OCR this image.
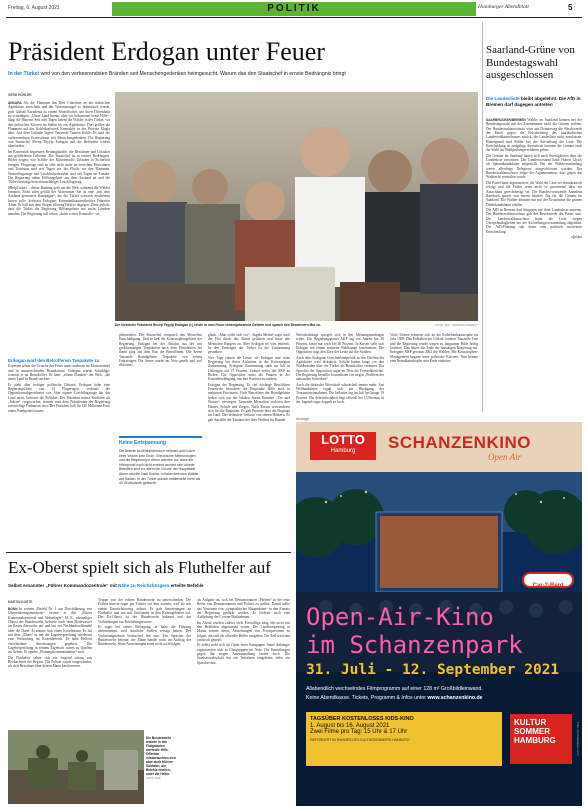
Freitag, 6. August 2021	POLITIK	Hamburger Abendblatt	5
Präsident Erdogan unter Feuer
In der Türkei wird von den verheerendsten Bränden seit Menschengedenken heimgesucht. Warum das den Staatschef in ernste Bedrängnis bringt
GERD HÖHLER
Der türkische Präsident Recep Tayyip Erdogan (r.) reiste in vom Feuer niedergebrannte Gebiete und sprach den Bewohnern Mut zu.	FOTO: AFP / ANADOLU AGENCY

ANKARA Als die Flammen das Dorf Cökertme an der türkischen Ägäisküste erreichten und der Wassermangel so dramatisch wurde, griff Gülsah Karadeniz zu einem Feuerlöscher, um ihren Olivenhain zu verteidigen. „Unser Land brennt, aber wir bekommen keine Hilfe“, klagt die Bäuerin. Seit acht Tagen lodern die Wälder in der Türkei, vor den türkischen Kriesen im Süden bis zur Ägäisküste. Dort griffen die Flammen auf das Kohlekraftwerk Kemerköy in der Provinz Mugla über. Auf dem Gelände lagern Tausende Tonnen Kohle. Es sind die verheerendsten Feuerstürme seit Menschengedenken. Die Regierung von Staatschef Recep Tayyip Erdogan und die Behörden wirken überfordert.

Im Krisenstab begrenzen Rettungskräfte, die Bewohner und Urlauber aus gefährdeten Gebieten. Der Staatschef ist in ernster Bedrängnis. Bilder zeigen, wie Schiffe der Küstenwache Urlauber in Sicherheit bringen. Flugzeuge sind zu sehr nicht mehr zu erreichen. Einwohner und Touristen sind seit Tagen vor der Flucht vor den Flammen. Wasserflugzeuge und Löschhubschrauber sind seit Tagen im Einsatz. Die Regierung nahm Hilfsangebote aus dem Ausland an und die Türkei bestätigt kein einsatzfähiges Löschflugzeug.

#HelpTurkey – dieser Hashtag geht um die Welt, während die Wälder brennen. Nicht allen gefällt der Aktivismus. Sie ist eine „mit dem Ausland gesteuerte Kampagne“, die die Türkei schwach erscheinen lassen solle, kritisiert Erdogans Kommunikationsdirektor Fahrettin Altun. Er hält mit dem Slogan #StrongTürkiye dagegen. Dann jedoch, dass die Türkei die Regierung Hilfsangebote aus sechs Ländern annahm. Die Regierung soll schon „durch weiter Kontrolle“ sei.

Erdogan warf den Betroffenen Teepakete zu

Experten sehen die Ursache der Feuer unter anderem im Klimawandel und in unzureichenden Brandschutz. Erdogan wurde Schuldige: wonach er an Brandstifter. Er habe „offene Flanken“ der Welt, „die unser Land in Brand stecken“.

Er zieht aber heftiger politische Debatte. Erdogan habe eine Regierungsflotte von 13 Flugzeugen, verkauft die Oppositionsabgeordneter vor. Aber eigene Löschflugzeuge hat das Land nicht, kritisiert die Politiker. Der Präsident müsse Kritikern als „Sultan“ vorgeworfen, startete statt dem Präsidenten der Regierung zweistellige Parlament reist. Der Präsident ließ für 110 Millionen Euro einen Prunkpalast bauen.

phemeralen. Der Staatschef versprach den Menschen Entschädigung. Und er ließ die Katastrophengebiete der Regierung. Erdogan bei der Abfahrt aus der mit großformatigen Teepaketen nach dem Präsidenten bei ihnen ging aus dem Bus die Betroffenen. Die Szene Tausende Brandgebiete Teepakete von seinen Fahrzeugen. Die Szene wurde im Netz geteilt und viel diskutiert.

Keine Entspannung
Die Brände im Mittelmeerraum nehmen auch nach einer Woche kein Ende. Griechische Meteorologen und die Regierung in Athen warnten vor, dass der Höhepunkt noch nicht erreicht worden sein könnte. Betroffen sind vor allem die Vororte der Hauptstadt Athen und die Insel Euböa. In Italien brennen Wälder auf Sizilien. In der Türkei wurden mittlerweile mehr als 40 Großbrände gelöscht.

glaub. „Man sollte sich vor“, Angela Merkel sagte nach der Flut durch das Ahrtal gefahren und hörte den Menschen Bürgern zu. Aber Erdogan sei weit entfernt. In den Umfragen der Türkei ist die Zustimmung gesunken.

Vier Tage ruhten die Leute, sie Erdogan und seine Regierung bei ihren Auftritten in der Krisenregion Zustimmung. Erdogans Zustimmung sank im Juli in Umfragen auf 37 Prozent. Zuletzt verlor die AKP an Boden. Die Opposition nutzt die Pannen in der Krisenbewältigung, um ihre Position zu stärken.

Erdogan der Regierung. Er rief wichtige Beschlüsse Feuerwehr besuchen, die Regionale Hilfe auch in mehreren Provinzen. Viele Betroffene der Brandgebiete ließen sich aus der lokalen Staats Einsätze „Tee und Wasser“ versorgen. Tausende Menschen verloren ihre Häuser, Schafe und Ziegen. Nach Krisen verwendeten sich für die Regionen. Es gab Proteste über die Fluglage im Land. Das bedeutete Verluste von seinen Häusern. Es gab Ausfälle der Einsätze bei über Wahlen für Brände.

Wirtschaftslage spiegelt sich in den Meinungsumfragen wider. Die Regierungspartei AKP lag vor Jahren bei 46 Prozent, heute nur noch bei 30 Prozent. In Krisen sieht sich Erdogan mit einem weiteren Wahlkampf konfrontiert. Die Opposition trägt den Zorn der Leute auf die Straßen.

Auch über Erdogans Griechenlandpolitik in den Dörfern der Ägäisküste wird diskutiert. Schiffe hatten lange vor den Waldbränden über die Türkei als Brandstifter vermutet. Ein Sprecher der Opposition sagte im Netz die Fernsehberichte. Die Regierung bestellte Journalisten ein wegen „Problem der nationalen Sicherheit“.

Auch die türkische Wirtschaft schwächelt immer mehr. Aus Weltbankdaten ergab sich ein Rückgang der Tourismuseinnahmen. Die Inflation lag im Juli bei knapp 19 Prozent. Die Arbeitslosigkeit liegt offiziell bei 13 Prozent, in der Jugend sogar doppelt so hoch.

Viele Türken erinnern sich an die Erdbebenkatastrophe im Jahr 1999. Das Erdbeben bei Gölcük forderte Tausende Tote und die Regierung wurde wegen zu langsamer Hilfe heftig kritisiert. Das leitete das Ende der damaligen Regierung ein. Erdogans AKP gewann 2002 die Wahlen. Mit Katastrophen-Management begann seine politische Karriere. Nun könnte eine Brandkatastrophe sein Ende einleiten.

Saarland-Grüne von Bundestagswahl ausgeschlossen
Die Landesliste bleibt abgelehnt. Die AfD in Bremen darf dagegen antreten

SAARBRÜCKEN/BREMEN Wähler im Saarland können bei der Bundestagswahl mit der Zweitstimme nicht die Grünen wählen. Der Bundeswahlausschuss wies am Donnerstag die Beschwerde der Partei gegen die Entscheidung des saarländischen Landeswahlausschusses zurück, die Landesliste nicht zuzulassen. Hintergrund sind Fehler bei der Aufstellung der Liste. Die Entscheidung ist endgültig; theoretisch könnten die Grünen nach der Wahl ins Wahlprüfungsverfahren gehen.

Die Grünen im Saarland hatten sich nach Streitigkeiten über die Landesliste zerstritten. Der Landesvorstand hatte Hubert Ulrich als Spitzenkandidaten aufgestellt. Bei der Wahlversammlung waren allerdings Delegierte ausgeschlossen worden. Der Bundeswahlausschuss folgte der Argumentation, dass gegen das Wahlrecht verstoßen wurde.

Die Partei hatte argumentiert, die Wahl der Liste sei demokratisch erfolgt und die Fehler seien nicht so gravierend, dass ein Ausschluss gerechtfertigt sei. Die Bundesvorsitzende Annalena Baerbock sprach von einem bitteren Tag für die Grünen im Saarland. Die Wähler könnten nur mit der Erststimme die grünen Direktkandidaten wählen.

Die AfD in Bremen darf hingegen mit ihrer Landesliste antreten. Der Bundeswahlausschuss gab der Beschwerde der Partei statt. Der Landeswahlausschuss hatte die Liste wegen Unregelmäßigkeiten bei der Aufstellungsversammlung abgelehnt. Die AfD-Führung sah darin eine politisch motivierte Entscheidung.

afp/dpa

Anzeige
LOTTO
Hamburg	SCHANZENKINO
Open Air
Car-2-Rent
Open-Air-Kino
im Schanzenpark
31. Juli - 12. September 2021
Allabendlich wechselndes Filmprogramm auf einer 128 m² Großbildleinwand.
Keine Abendkasse. Tickets, Programm & Infos unter www.schanzenkino.de
TAGSÜBER KOSTENLOSES KIDS-KINO
1. August bis 16. August 2021
Zwei Filme pro Tag: 15 Uhr & 17 Uhr
GEFÖRDERT IM RAHMEN DES KULTURSOMMERS HAMBURG
KULTUR
SOMMER
HAMBURG	Foto: marcelokelsen.com
Ex-Oberst spielt sich als Fluthelfer auf
Selbst ernannter „Führer Kommandozentrale“ mit Nähe zu Reichsbürgern erteilte Befehle
MARTIN KORTE

BONN In seinem „Befehl Nr. 1 zur Durchführung von Unterstützungseinsätzen“ rüstete er den „Führer Kommandozentrale und Nebenlager“ M. E., ehemaliger Oberst der Bundeswehr, brüstete nach dem Hochwasser im Raum Ahrweiler auf und bot ein Nachbarbuchhandel über die Datei. Er nannte sich einen Koordinator. Er hat mit dem „Blues“ in mit der Lagebesprechung wiederum eine Verbindung im Krisenbereich. Er habe Helfern verschiedene Anweisungen gegeben. Die Lagebesprechung in seinem Tagebuch waren zu Quellen im Gebiet. Er spielte „Planungskommandantur“ weit.

Die Fluthelfer sehen sich nie fragend schaut von Beobachtern der Region. Die Polizei wurde eingeschaltet, als sich Bewohner über diesen Mann beschwerten.

Die Bundeswehr leistete in den Flutgebieten wertvolle Hilfe. Offenbar missbrauchten sich aber auch frühere Soldaten, die Befehle erteilen, unter die Helfer.
FOTO: AFP

Truppe von der echten Bundeswehr zu unterscheiden. Die Polizei musste sogar per Twitter vor ihm warnen, weil sie mit einem Einsatzfahrzeug auftrat. Er gab Anweisungen an Fluthelfer und trat mit Uniformen in den Krisengebieten auf. Der Ex-Oberst ist der Bundeswehr bekannt und hat Verbindungen zur Reichsbürgerszene.

Er sagte bei seiner Befragung, er habe die Führung übernommen, weil staatliche Stellen versagt hätten. Der Verfassungsschutz beobachtet ihn nun. Ein Sprecher der Bundeswehr betonte, der Mann handle nicht im Auftrag der Bundeswehr. Seine Anweisungen seien nicht zu befolgen.

als Aufgabe an, sich bei Demonstranten „Pfeifen“ in die erste Reihe von Demonstranten und Polizei zu stellen. Damit sollte das Vertrauen von „sympathischer Bürgerdaten“ in den Einsatz der Regierung gestärkt werden. Er forderte auch eine Aufhebung der Corona-Maßnahmen.

Im Ahrtal wurden zuletzt viele Freiwillige tätig, die nicht mit den Behörden abgestimmt waren. Die Landesregierung in Mainz warnte davor, Anweisungen von Privatpersonen zu folgen, die sich als offizielle Helfer ausgeben. Der Fall wird nun juristisch geprüft.

Er selbst sieht sich als Opfer einer Kampagne. Seine Anhänger organisierten sich in Chatgruppen im Netz. Die Ermittlungen gegen ihn wegen Amtsanmaßung laufen noch. Die Staatsanwaltschaft hat ein Verfahren eingeleitet, teilte ein Sprecher mit.
